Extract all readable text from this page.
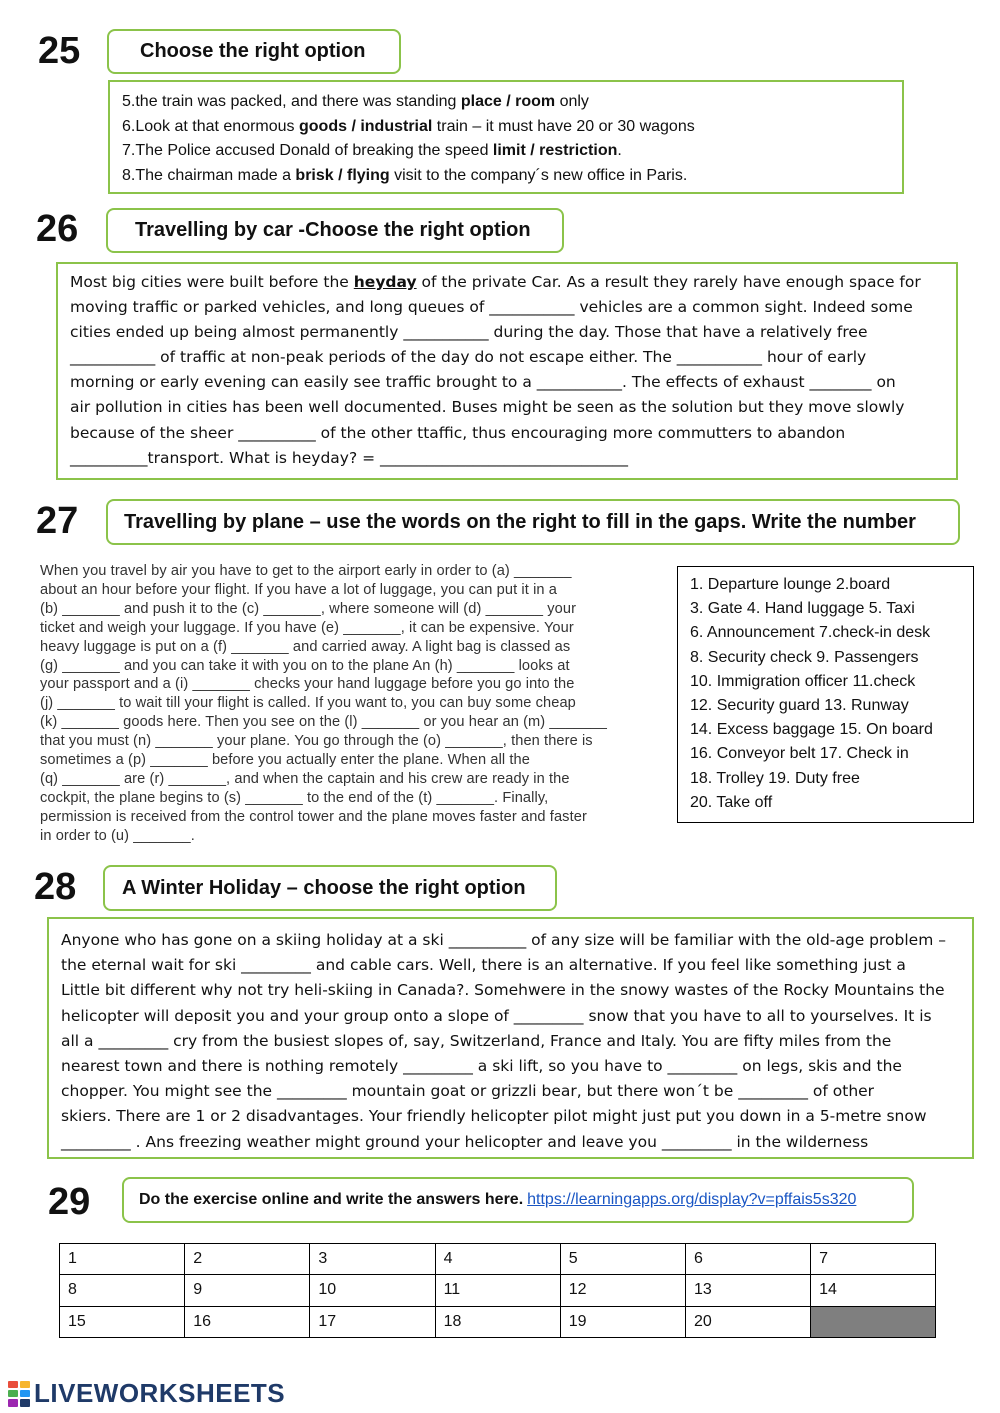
25	Choose the right option
5.the train was packed, and there was standing place / room only
6.Look at that enormous goods / industrial train – it must have 20 or 30 wagons
7.The Police accused Donald of breaking the speed limit / restriction.
8.The chairman made a brisk / flying visit to the company´s new office in Paris.
26	Travelling by car -Choose the right option
Most big cities were built before the heyday of the private Car. As a result they rarely have enough space for
moving traffic or parked vehicles, and long queues of ___________ vehicles are a common sight. Indeed some
cities ended up being almost permanently ___________ during the day. Those that have a relatively free
___________ of traffic at non-peak periods of the day do not escape either. The ___________ hour of early
morning or early evening can easily see traffic brought to a ___________. The effects of exhaust ________ on
air pollution in cities has been well documented. Buses might be seen as the solution but they move slowly
because of the sheer __________ of the other ttaffic, thus encouraging more commutters to abandon
__________transport. What is heyday? = ________________________________
27 Travelling by plane – use the words on the right to fill in the gaps. Write the number
When you travel by air you have to get to the airport early in order to (a) _______
about an hour before your flight. If you have a lot of luggage, you can put it in a
(b) _______ and push it to the (c) _______, where someone will (d) _______ your
ticket and weigh your luggage. If you have (e) _______, it can be expensive. Your
heavy luggage is put on a (f) _______ and carried away. A light bag is classed as
(g) _______ and you can take it with you on to the plane An (h) _______ looks at
your passport and a (i) _______ checks your hand luggage before you go into the
(j) _______ to wait till your flight is called. If you want to, you can buy some cheap
(k) _______ goods here. Then you see on the (l) _______ or you hear an (m) _______
that you must (n) _______ your plane. You go through the (o) _______, then there is
sometimes a (p) _______ before you actually enter the plane. When all the
(q) _______ are (r) _______, and when the captain and his crew are ready in the
cockpit, the plane begins to (s) _______ to the end of the (t) _______. Finally,
permission is received from the control tower and the plane moves faster and faster
in order to (u) _______.
1. Departure lounge 2.board
3. Gate 4. Hand luggage 5. Taxi
6. Announcement 7.check-in desk
8. Security check 9. Passengers
10. Immigration officer 11.check
12. Security guard 13. Runway
14. Excess baggage 15. On board
16. Conveyor belt 17. Check in
18. Trolley 19. Duty free
20. Take off
28 A Winter Holiday – choose the right option
Anyone who has gone on a skiing holiday at a ski __________ of any size will be familiar with the old-age problem –
the eternal wait for ski _________ and cable cars. Well, there is an alternative. If you feel like something just a
Little bit different why not try heli-skiing in Canada?. Somehwere in the snowy wastes of the Rocky Mountains the
helicopter will deposit you and your group onto a slope of _________ snow that you have to all to yourselves. It is
all a _________ cry from the busiest slopes of, say, Switzerland, France and Italy. You are fifty miles from the
nearest town and there is nothing remotely _________ a ski lift, so you have to _________ on legs, skis and the
chopper. You might see the _________ mountain goat or grizzli bear, but there won´t be _________ of other
skiers. There are 1 or 2 disadvantages. Your friendly helicopter pilot might just put you down in a 5-metre snow
_________ . Ans freezing weather might ground your helicopter and leave you _________ in the wilderness
29	Do the exercise online and write the answers here. https://learningapps.org/display?v=pffais5s320
1	2	3	4	5	6	7
8	9	10	11	12	13	14
15	16	17	18	19	20	
LIVEWORKSHEETS
